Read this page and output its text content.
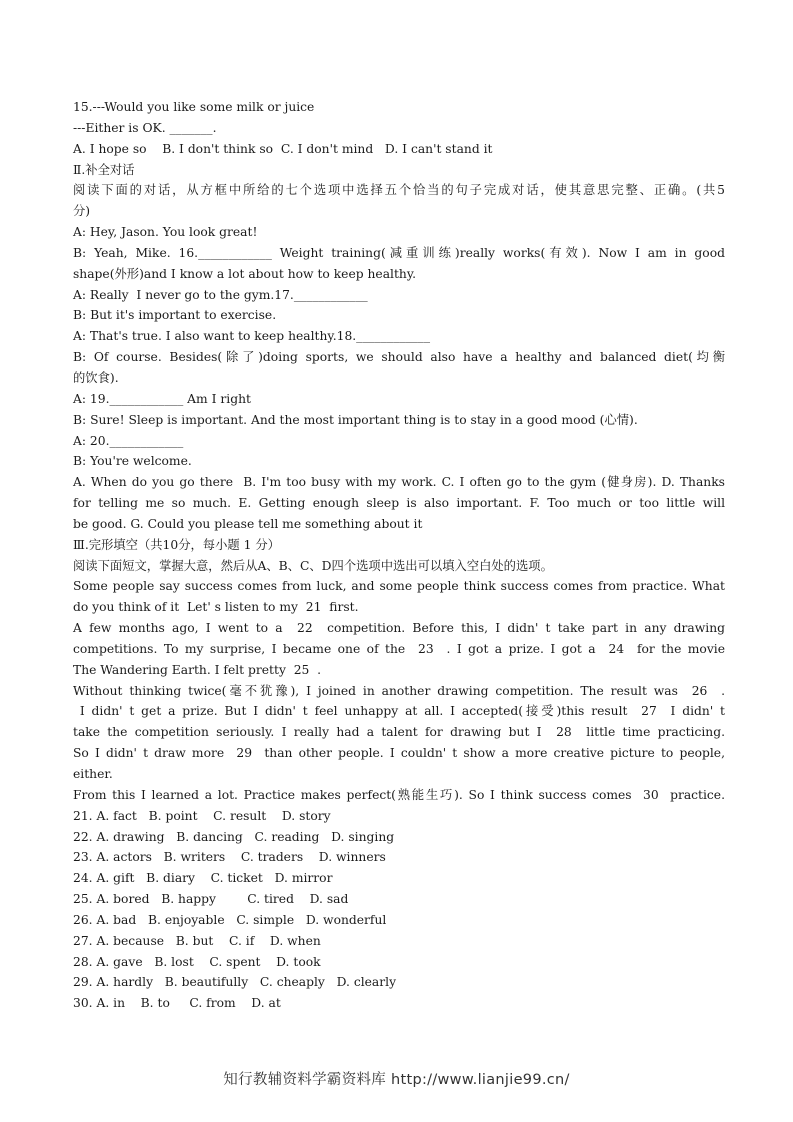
15.---Would you like some milk or juice
---Either is OK. _______.
A. I hope so    B. I don't think so  C. I don't mind   D. I can't stand it
Ⅱ.补全对话
阅读下面的对话，从方框中所给的七个选项中选择五个恰当的句子完成对话，使其意思完整、正确。(共5
分)
A: Hey, Jason. You look great!
B: Yeah, Mike. 16.____________ Weight training(减重训练)really works(有效). Now I am in good
shape(外形)and I know a lot about how to keep healthy.
A: Really  I never go to the gym.17.____________
B: But it's important to exercise.
A: That's true. I also want to keep healthy.18.____________
B: Of course. Besides(除了)doing sports, we should also have a healthy and balanced diet(均衡
的饮食).
A: 19.____________ Am I right
B: Sure! Sleep is important. And the most important thing is to stay in a good mood (心情).
A: 20.____________
B: You're welcome.
A. When do you go there  B. I'm too busy with my work. C. I often go to the gym (健身房). D. Thanks
for telling me so much. E. Getting enough sleep is also important. F. Too much or too little will
be good. G. Could you please tell me something about it
Ⅲ.完形填空（共10分，每小题 1 分）
阅读下面短文，掌握大意，然后从A、B、C、D四个选项中选出可以填入空白处的选项。
Some people say success comes from luck, and some people think success comes from practice. What
do you think of it  Let' s listen to my  21  first.
A few months ago, I went to a  22  competition. Before this, I didn' t take part in any drawing
competitions. To my surprise, I became one of the  23  . I got a prize. I got a  24  for the movie
The Wandering Earth. I felt pretty  25  .
Without thinking twice(毫不犹豫), I joined in another drawing competition. The result was  26  .
I didn' t get a prize. But I didn' t feel unhappy at all. I accepted(接受)this result  27  I didn' t
take the competition seriously. I really had a talent for drawing but I  28  little time practicing.
So I didn' t draw more  29  than other people. I couldn' t show a more creative picture to people,
either.
From this I learned a lot. Practice makes perfect(熟能生巧). So I think success comes  30  practice.
21. A. fact   B. point    C. result    D. story
22. A. drawing   B. dancing   C. reading   D. singing
23. A. actors   B. writers    C. traders    D. winners
24. A. gift   B. diary    C. ticket   D. mirror
25. A. bored   B. happy        C. tired    D. sad
26. A. bad   B. enjoyable   C. simple   D. wonderful
27. A. because   B. but    C. if    D. when
28. A. gave   B. lost    C. spent    D. took
29. A. hardly   B. beautifully   C. cheaply   D. clearly
30. A. in    B. to     C. from    D. at
知行教辅资料学霸资料库 http://www.lianjie99.cn/
